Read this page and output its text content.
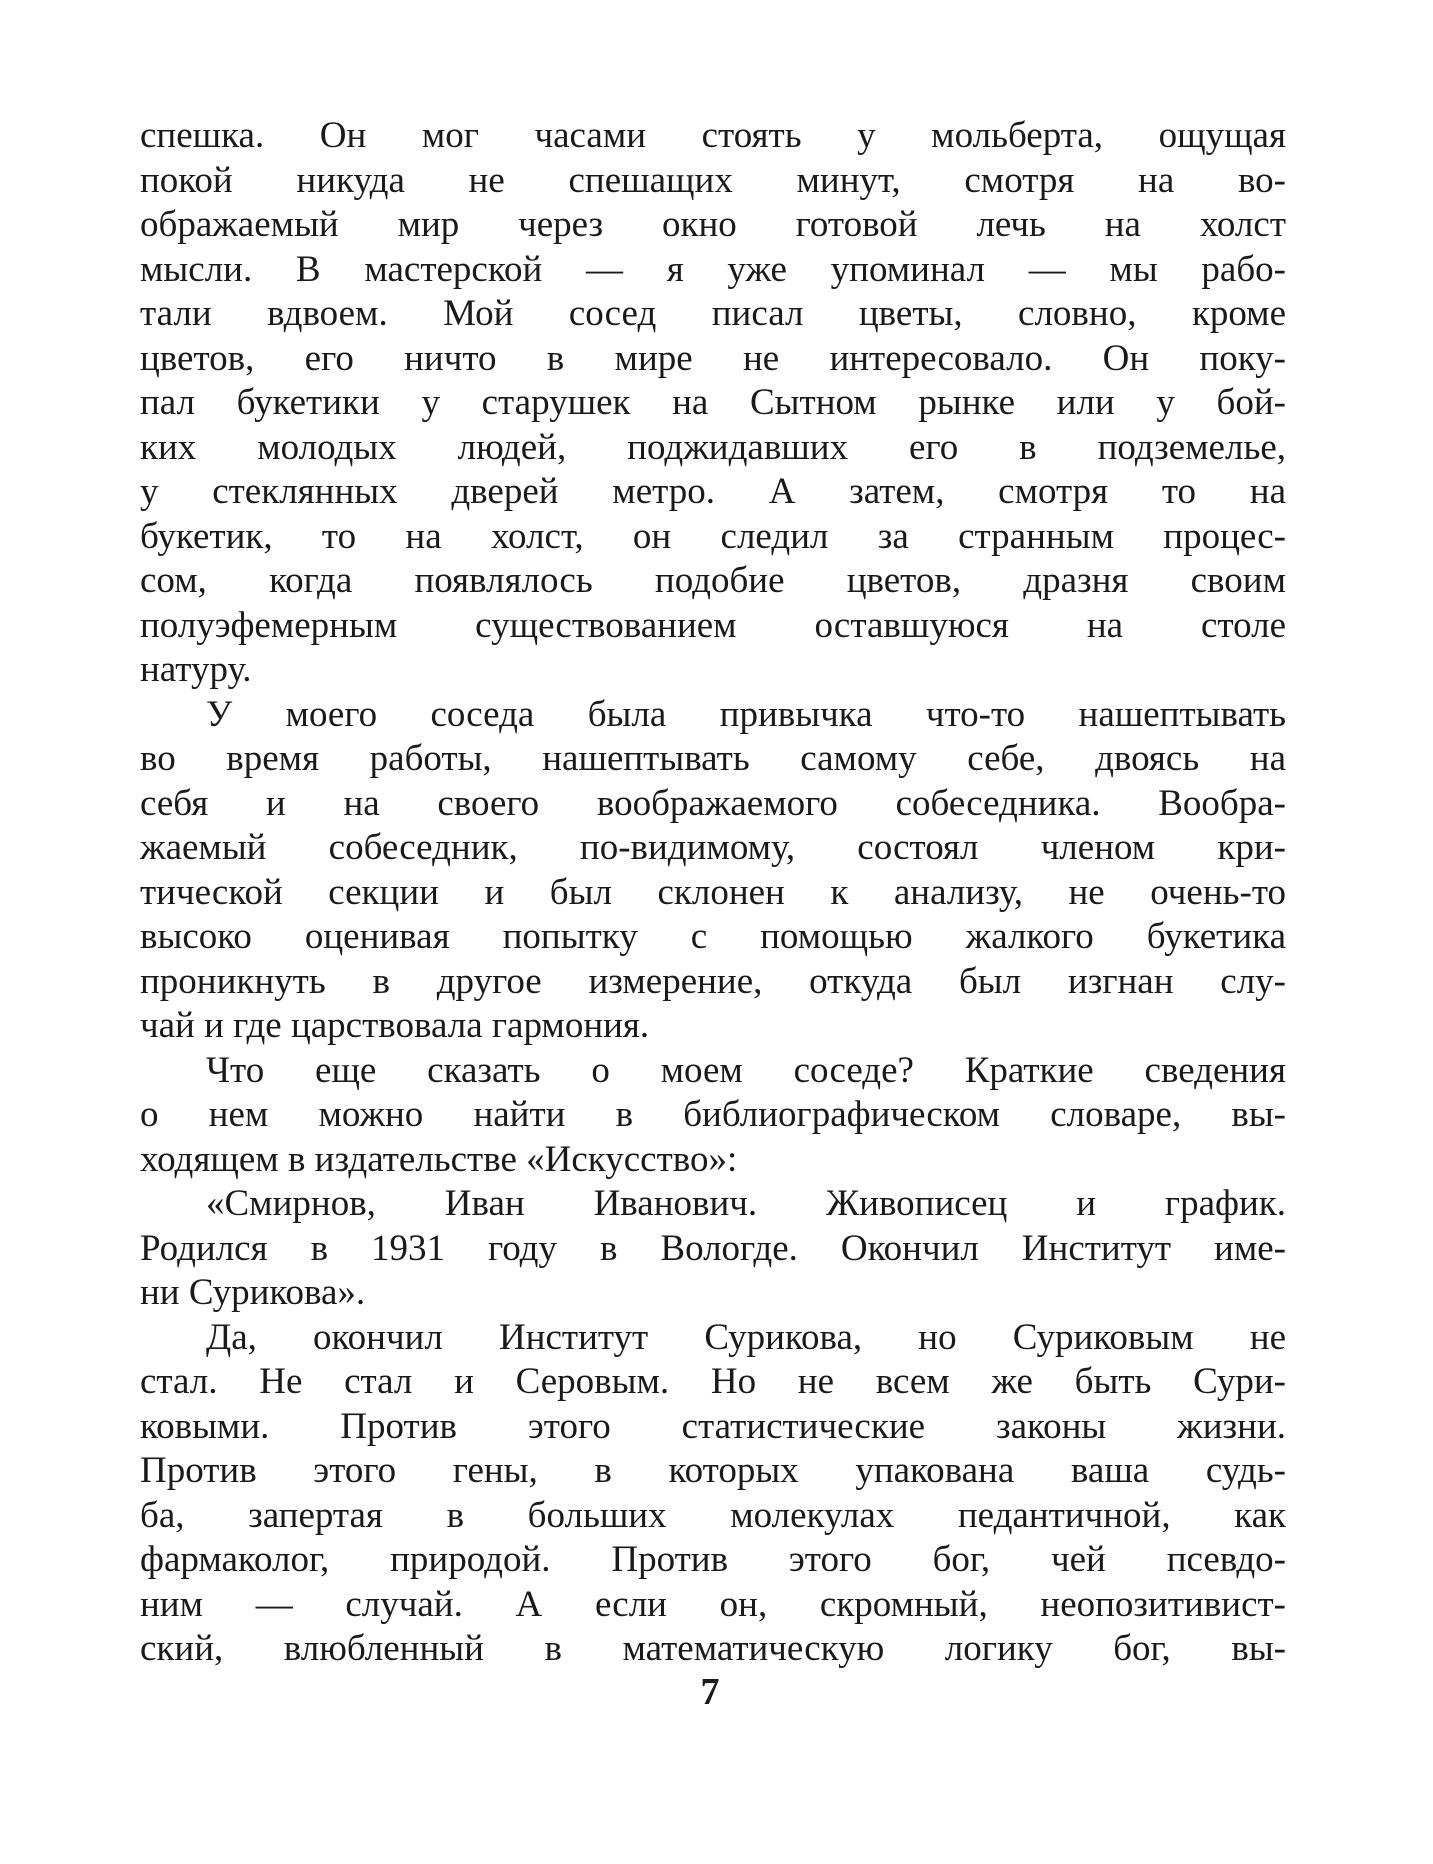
спешка. Он мог часами стоять у мольберта, ощущая
покой никуда не спешащих минут, смотря на во-
ображаемый мир через окно готовой лечь на холст
мысли. В мастерской — я уже упоминал — мы рабо-
тали вдвоем. Мой сосед писал цветы, словно, кроме
цветов, его ничто в мире не интересовало. Он поку-
пал букетики у старушек на Сытном рынке или у бой-
ких молодых людей, поджидавших его в подземелье,
у стеклянных дверей метро. А затем, смотря то на
букетик, то на холст, он следил за странным процес-
сом, когда появлялось подобие цветов, дразня своим
полуэфемерным существованием оставшуюся на столе
натуру.
У моего соседа была привычка что-то нашептывать
во время работы, нашептывать самому себе, двоясь на
себя и на своего воображаемого собеседника. Вообра-
жаемый собеседник, по-видимому, состоял членом кри-
тической секции и был склонен к анализу, не очень-то
высоко оценивая попытку с помощью жалкого букетика
проникнуть в другое измерение, откуда был изгнан слу-
чай и где царствовала гармония.
Что еще сказать о моем соседе? Краткие сведения
о нем можно найти в библиографическом словаре, вы-
ходящем в издательстве «Искусство»:
«Смирнов, Иван Иванович. Живописец и график.
Родился в 1931 году в Вологде. Окончил Институт име-
ни Сурикова».
Да, окончил Институт Сурикова, но Суриковым не
стал. Не стал и Серовым. Но не всем же быть Сури-
ковыми. Против этого статистические законы жизни.
Против этого гены, в которых упакована ваша судь-
ба, запертая в больших молекулах педантичной, как
фармаколог, природой. Против этого бог, чей псевдо-
ним — случай. А если он, скромный, неопозитивист-
ский, влюбленный в математическую логику бог, вы-
7
